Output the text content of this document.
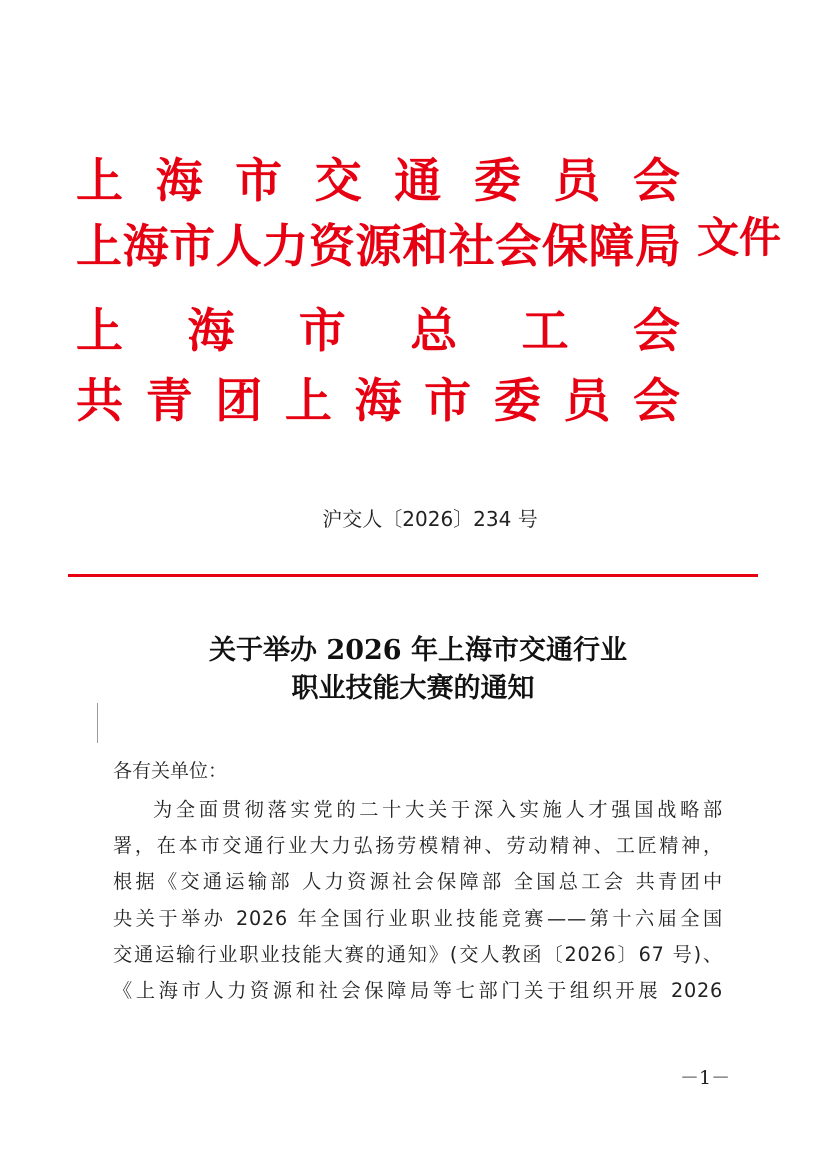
上 海 市 交 通 委 员 会
上海市人力资源和社会保障局
上 海 市 总 工 会
共 青 团 上 海 市 委 员 会
文件
沪交人〔2026〕234 号
关于举办 2026 年上海市交通行业
职业技能大赛的通知
各有关单位：
为全面贯彻落实党的二十大关于深入实施人才强国战略部
署，在本市交通行业大力弘扬劳模精神、劳动精神、工匠精神，
根据《交通运输部 人力资源社会保障部 全国总工会 共青团中
央关于举办 2026 年全国行业职业技能竞赛——第十六届全国
交通运输行业职业技能大赛的通知》(交人教函〔2026〕67 号)、
《上海市人力资源和社会保障局等七部门关于组织开展 2026
－1－
